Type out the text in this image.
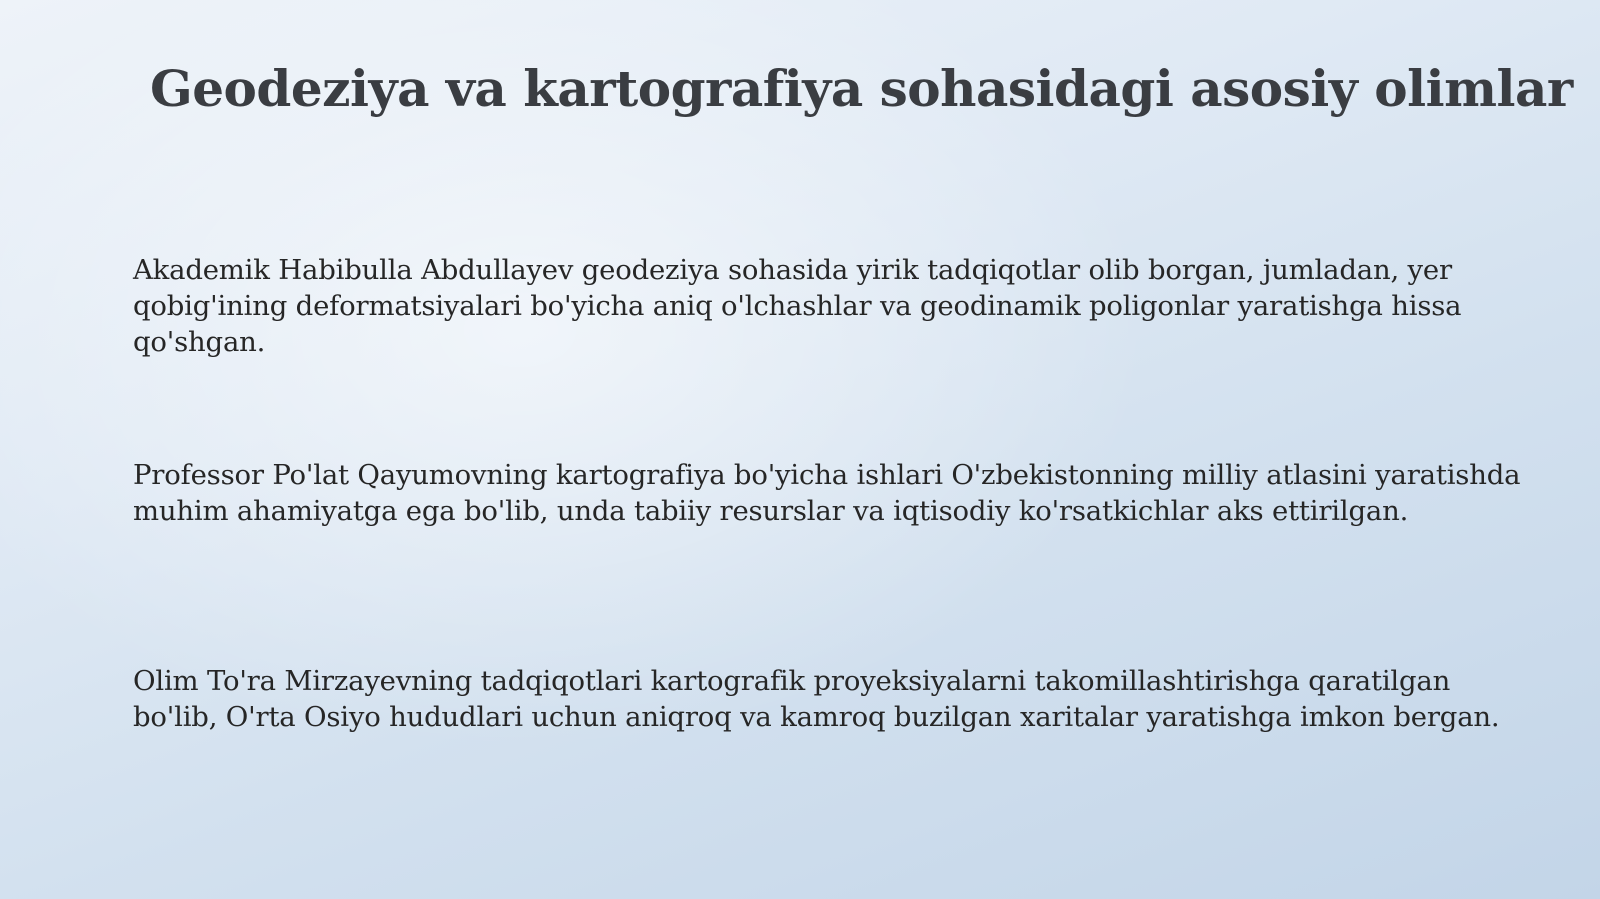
Geodeziya va kartografiya sohasidagi asosiy olimlar

Akademik Habibulla Abdullayev geodeziya sohasida yirik tadqiqotlar olib borgan, jumladan, yer qobig'ining deformatsiyalari bo'yicha aniq o'lchashlar va geodinamik poligonlar yaratishga hissa qo'shgan.

Professor Po'lat Qayumovning kartografiya bo'yicha ishlari O'zbekistonning milliy atlasini yaratishda muhim ahamiyatga ega bo'lib, unda tabiiy resurslar va iqtisodiy ko'rsatkichlar aks ettirilgan.

Olim To'ra Mirzayevning tadqiqotlari kartografik proyeksiyalarni takomillashtirishga qaratilgan bo'lib, O'rta Osiyo hududlari uchun aniqroq va kamroq buzilgan xaritalar yaratishga imkon bergan.
